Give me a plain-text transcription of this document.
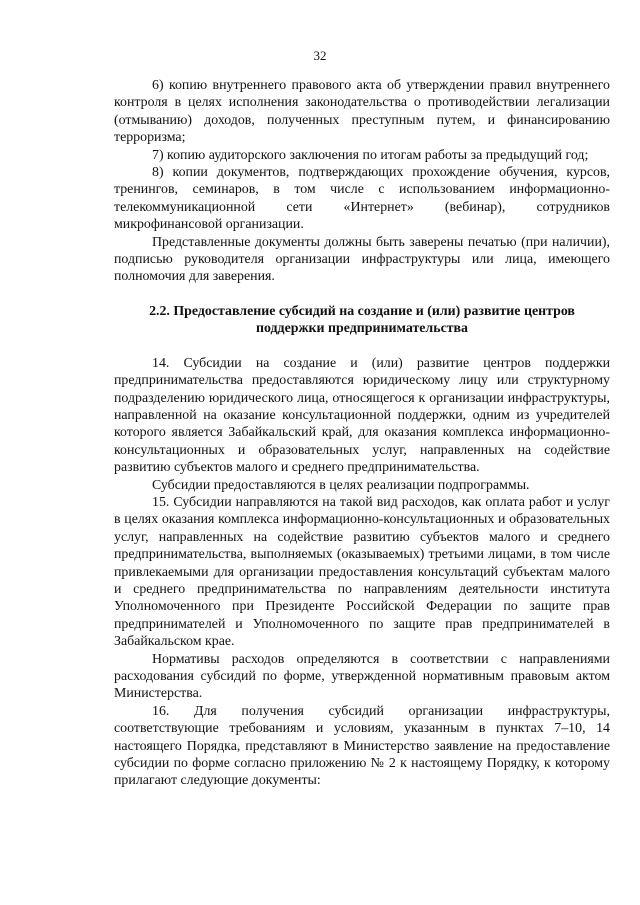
32

6) копию внутреннего правового акта об утверждении правил внутреннего контроля в целях исполнения законодательства о противодействии легализации (отмыванию) доходов, полученных преступным путем, и финансированию терроризма;

7) копию аудиторского заключения по итогам работы за предыдущий год;

8) копии документов, подтверждающих прохождение обучения, курсов, тренингов, семинаров, в том числе с использованием информационно-телекоммуникационной сети «Интернет» (вебинар), сотрудников микрофинансовой организации.

Представленные документы должны быть заверены печатью (при наличии), подписью руководителя организации инфраструктуры или лица, имеющего полномочия для заверения.

2.2. Предоставление субсидий на создание и (или) развитие центров поддержки предпринимательства

14. Субсидии на создание и (или) развитие центров поддержки предпринимательства предоставляются юридическому лицу или структурному подразделению юридического лица, относящегося к организации инфраструктуры, направленной на оказание консультационной поддержки, одним из учредителей которого является Забайкальский край, для оказания комплекса информационно-консультационных и образовательных услуг, направленных на содействие развитию субъектов малого и среднего предпринимательства.

Субсидии предоставляются в целях реализации подпрограммы.

15. Субсидии направляются на такой вид расходов, как оплата работ и услуг в целях оказания комплекса информационно-консультационных и образовательных услуг, направленных на содействие развитию субъектов малого и среднего предпринимательства, выполняемых (оказываемых) третьими лицами, в том числе привлекаемыми для организации предоставления консультаций субъектам малого и среднего предпринимательства по направлениям деятельности института Уполномоченного при Президенте Российской Федерации по защите прав предпринимателей и Уполномоченного по защите прав предпринимателей в Забайкальском крае.

Нормативы расходов определяются в соответствии с направлениями расходования субсидий по форме, утвержденной нормативным правовым актом Министерства.

16. Для получения субсидий организации инфраструктуры, соответствующие требованиям и условиям, указанным в пунктах 7–10, 14 настоящего Порядка, представляют в Министерство заявление на предоставление субсидии по форме согласно приложению № 2 к настоящему Порядку, к которому прилагают следующие документы:
